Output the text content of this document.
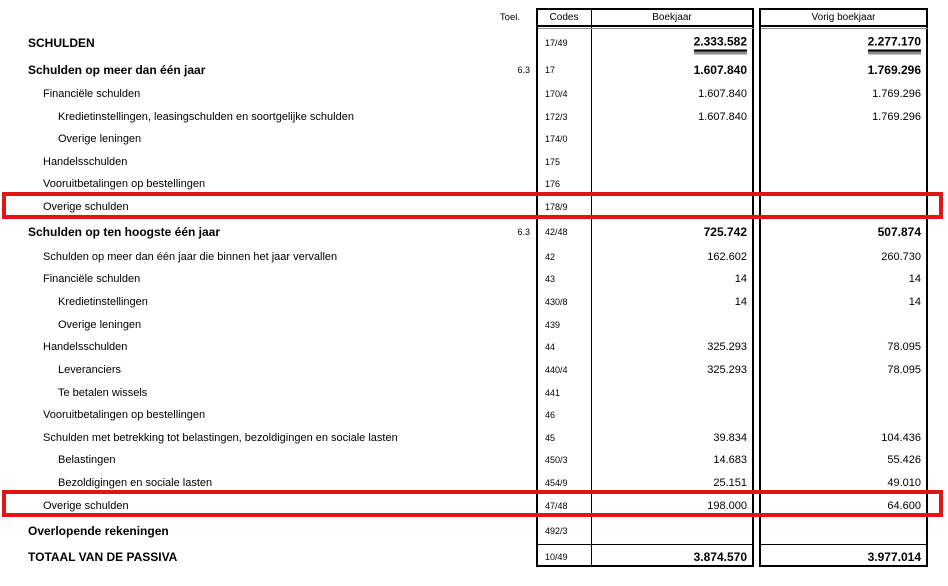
Toel.	Codes	Boekjaar	Vorig boekjaar
SCHULDEN	17/49	2.333.582	2.277.170
Schulden op meer dan één jaar	6.3 17	1.607.840	1.769.296
Financiële schulden	170/4	1.607.840	1.769.296
Kredietinstellingen, leasingschulden en soortgelijke schulden	172/3	1.607.840	1.769.296
Overige leningen	174/0
Handelsschulden	175
Vooruitbetalingen op bestellingen	176
Overige schulden	178/9
Schulden op ten hoogste één jaar	6.3 42/48	725.742	507.874
Schulden op meer dan één jaar die binnen het jaar vervallen	42	162.602	260.730
Financiële schulden	43	14	14
Kredietinstellingen	430/8	14	14
Overige leningen	439
Handelsschulden	44	325.293	78.095
Leveranciers	440/4	325.293	78.095
Te betalen wissels	441
Vooruitbetalingen op bestellingen	46
Schulden met betrekking tot belastingen, bezoldigingen en sociale lasten	45	39.834	104.436
Belastingen	450/3	14.683	55.426
Bezoldigingen en sociale lasten	454/9	25.151	49.010
Overige schulden	47/48	198.000	64.600
Overlopende rekeningen	492/3
TOTAAL VAN DE PASSIVA	10/49	3.874.570	3.977.014
